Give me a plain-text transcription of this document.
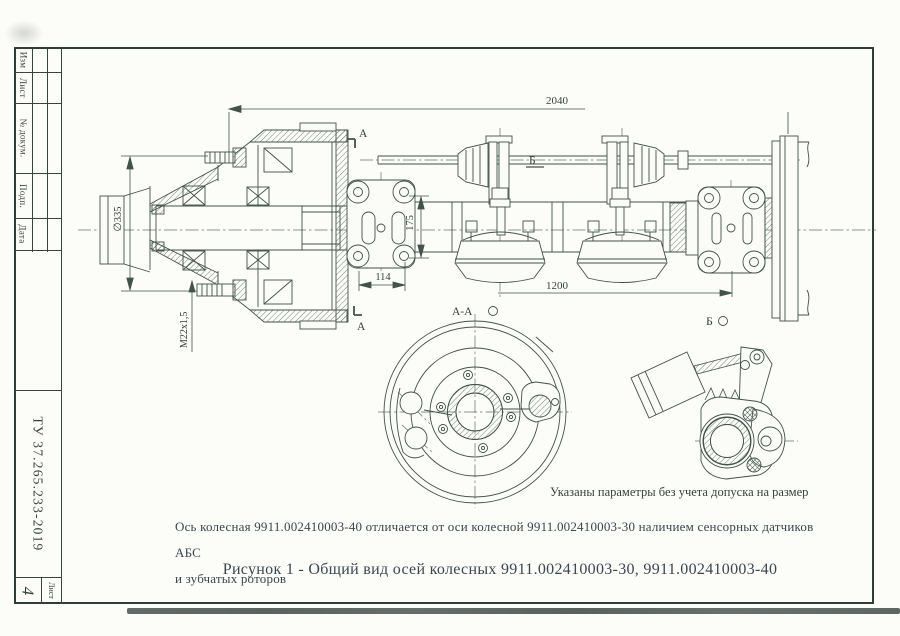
Изм
Лист
№ докум.
Подп.
Дата
ТУ 37.265.233-2019
4 Лист
2040
1200
114
175
∅335
М22х1,5
А
А
Б
А-А
Б
Указаны параметры без учета допуска на размер
Ось колесная 9911.002410003-40 отличается от оси колесной 9911.002410003-30 наличием сенсорных датчиков АБС
и зубчатых роторов
Рисунок 1 - Общий вид осей колесных 9911.002410003-30, 9911.002410003-40
